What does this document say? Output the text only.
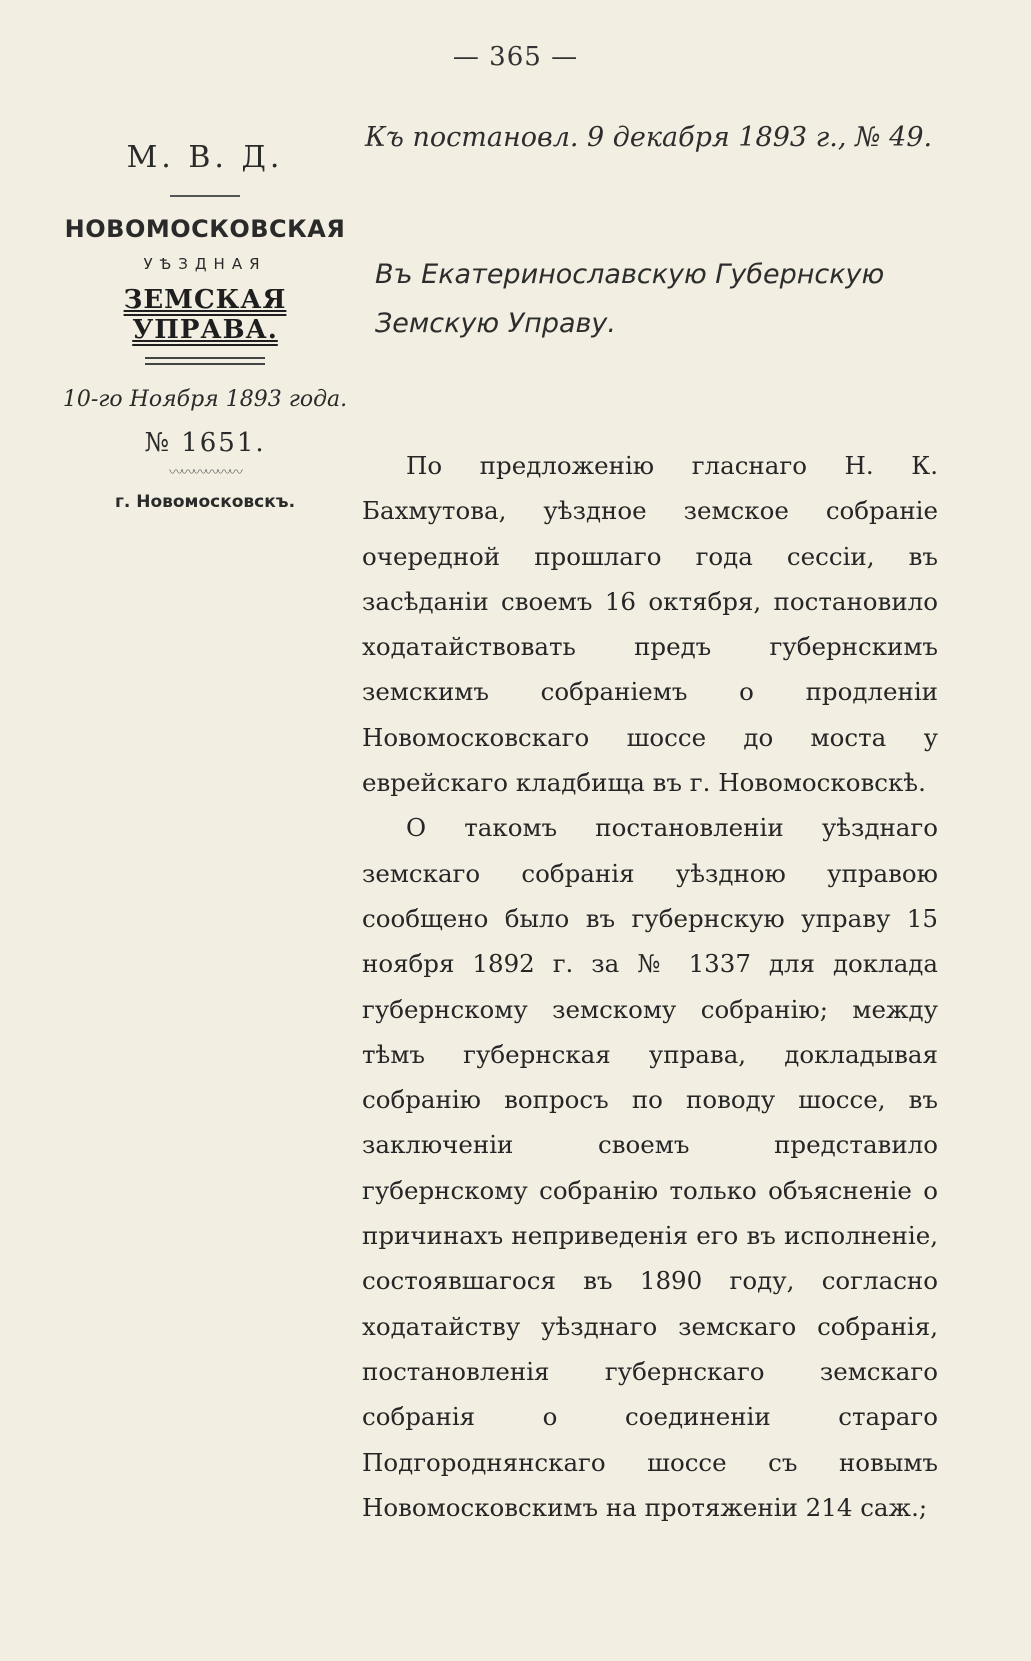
— 365 —
М. В. Д.
НОВОМОСКОВСКАЯ
УѢЗДНАЯ
ЗЕМСКАЯ УПРАВА.
10-го Ноября 1893 года.
№ 1651.
〰〰〰〰〰〰
г. Новомосковскъ.
Къ постановл. 9 декабря 1893 г., № 49.
Въ Екатеринославскую Губернскую
Земскую Управу.

По предложенію гласнаго Н. К. Бахмутова, уѣздное земское собраніе очередной прошлаго года сессіи, въ засѣданіи своемъ 16 октября, постановило ходатайствовать предъ губернскимъ земскимъ собраніемъ о продленіи Новомосковскаго шоссе до моста у еврейскаго кладбища въ г. Новомосковскѣ.

О такомъ постановленіи уѣзднаго земскаго собранія уѣздною управою сообщено было въ губернскую управу 15 ноября 1892 г. за № 1337 для доклада губернскому земскому собранію; между тѣмъ губернская управа, докладывая собранію вопросъ по поводу шоссе, въ заключеніи своемъ представило губернскому собранію только объясненіе о причинахъ неприведенія его въ исполненіе, состоявшагося въ 1890 году, согласно ходатайству уѣзднаго земскаго собранія, постановленія губернскаго земскаго собранія о соединеніи стараго Подгороднянскаго шоссе съ новымъ Новомосковскимъ на протяженіи 214 саж.;
